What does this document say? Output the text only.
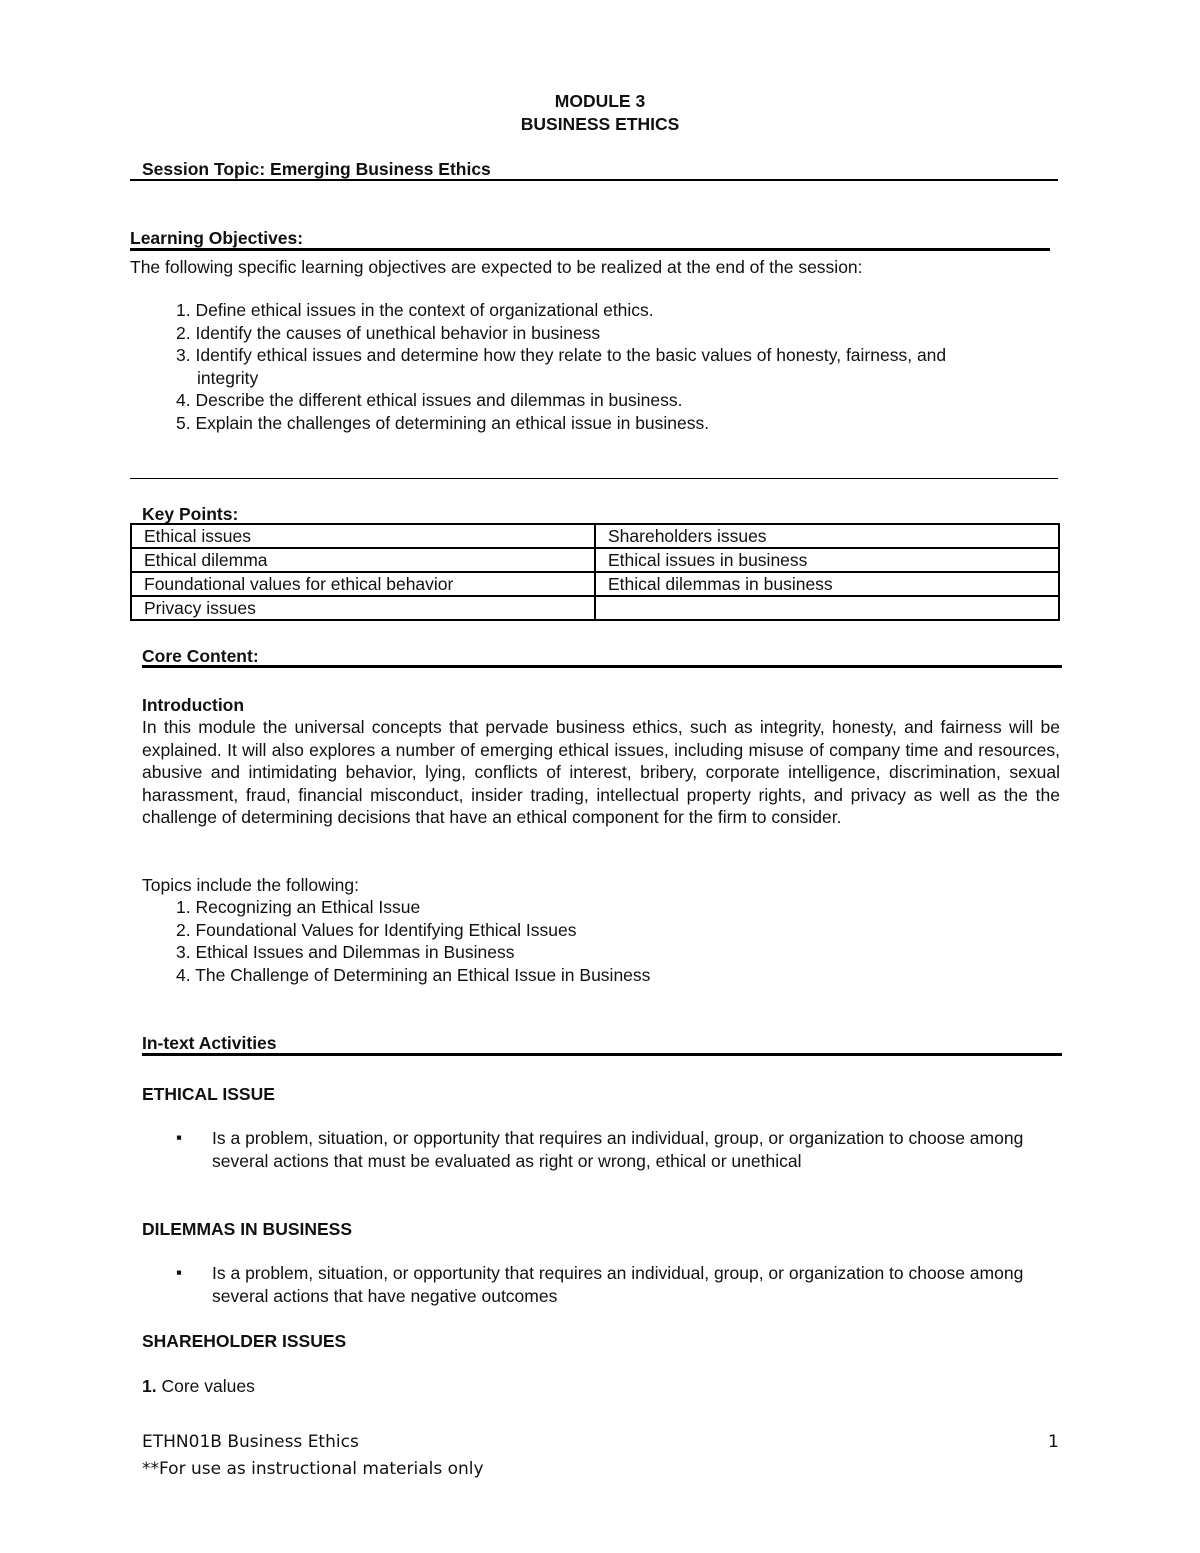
MODULE 3
BUSINESS ETHICS
Session Topic: Emerging Business Ethics
Learning Objectives:
The following specific learning objectives are expected to be realized at the end of the session:
1. Define ethical issues in the context of organizational ethics.
2. Identify the causes of unethical behavior in business
3. Identify ethical issues and determine how they relate to the basic values of honesty, fairness, and
integrity
4. Describe the different ethical issues and dilemmas in business.
5. Explain the challenges of determining an ethical issue in business.
Key Points:
Ethical issues	Shareholders issues
Ethical dilemma	Ethical issues in business
Foundational values for ethical behavior	Ethical dilemmas in business
Privacy issues	
Core Content:
Introduction

In this module the universal concepts that pervade business ethics, such as integrity, honesty, and fairness will be explained. It will also explores a number of emerging ethical issues, including misuse of company time and resources, abusive and intimidating behavior, lying, conflicts of interest, bribery, corporate intelligence, discrimination, sexual harassment, fraud, financial misconduct, insider trading, intellectual property rights, and privacy as well as the the challenge of determining decisions that have an ethical component for the firm to consider.

Topics include the following:
1. Recognizing an Ethical Issue
2. Foundational Values for Identifying Ethical Issues
3. Ethical Issues and Dilemmas in Business
4. The Challenge of Determining an Ethical Issue in Business
In-text Activities
ETHICAL ISSUE
▪ Is a problem, situation, or opportunity that requires an individual, group, or organization to choose among several actions that must be evaluated as right or wrong, ethical or unethical

DILEMMAS IN BUSINESS
▪ Is a problem, situation, or opportunity that requires an individual, group, or organization to choose among several actions that have negative outcomes

SHAREHOLDER ISSUES
1. Core values
ETHN01B Business Ethics	1
**For use as instructional materials only
